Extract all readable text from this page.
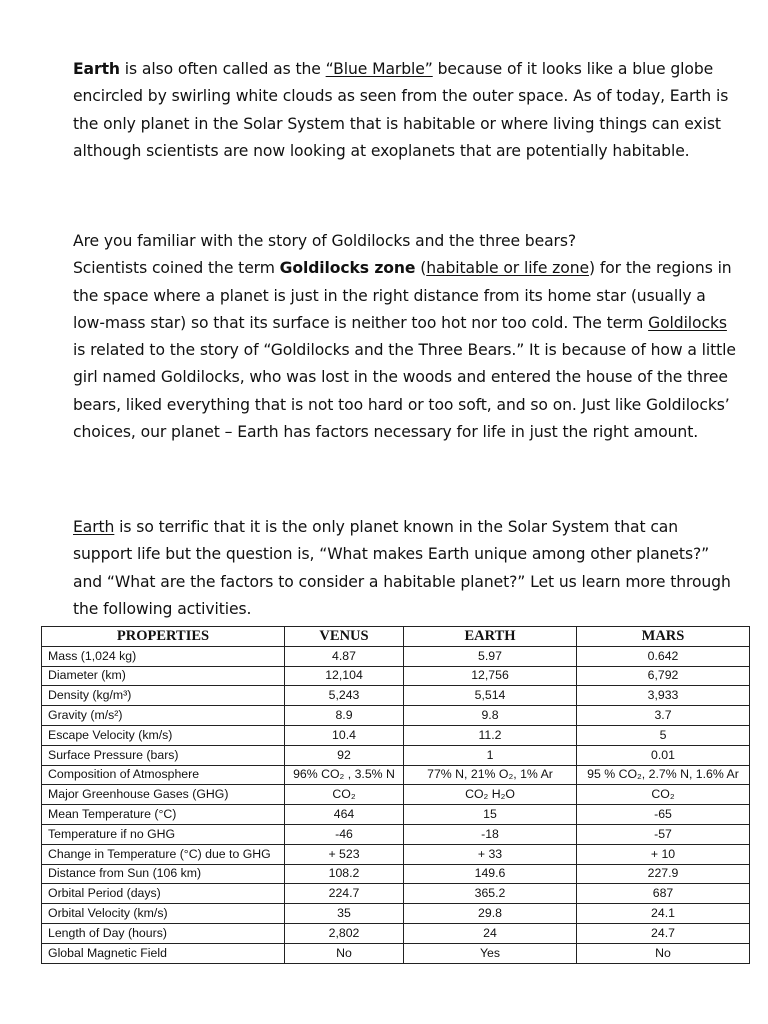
Earth is also often called as the “Blue Marble” because of it looks like a blue globe encircled by swirling white clouds as seen from the outer space. As of today, Earth is the only planet in the Solar System that is habitable or where living things can exist although scientists are now looking at exoplanets that are potentially habitable.
Are you familiar with the story of Goldilocks and the three bears?
Scientists coined the term Goldilocks zone (habitable or life zone) for the regions in the space where a planet is just in the right distance from its home star (usually a low-mass star) so that its surface is neither too hot nor too cold. The term Goldilocks is related to the story of “Goldilocks and the Three Bears.” It is because of how a little girl named Goldilocks, who was lost in the woods and entered the house of the three bears, liked everything that is not too hard or too soft, and so on. Just like Goldilocks’ choices, our planet – Earth has factors necessary for life in just the right amount.
Earth is so terrific that it is the only planet known in the Solar System that can support life but the question is, “What makes Earth unique among other planets?” and “What are the factors to consider a habitable planet?” Let us learn more through the following activities.
PROPERTIES	VENUS	EARTH	MARS
Mass (1,024 kg)	4.87	5.97	0.642
Diameter (km)	12,104	12,756	6,792
Density (kg/m³)	5,243	5,514	3,933
Gravity (m/s²)	8.9	9.8	3.7
Escape Velocity (km/s)	10.4	11.2	5
Surface Pressure (bars)	92	1	0.01
Composition of Atmosphere	96% CO₂ , 3.5% N	77% N, 21% O₂, 1% Ar	95 % CO₂, 2.7% N, 1.6% Ar
Major Greenhouse Gases (GHG)	CO₂	CO₂ H₂O	CO₂
Mean Temperature (°C)	464	15	-65
Temperature if no GHG	-46	-18	-57
Change in Temperature (°C) due to GHG	+ 523	+ 33	+ 10
Distance from Sun (106 km)	108.2	149.6	227.9
Orbital Period (days)	224.7	365.2	687
Orbital Velocity (km/s)	35	29.8	24.1
Length of Day (hours)	2,802	24	24.7
Global Magnetic Field	No	Yes	No
